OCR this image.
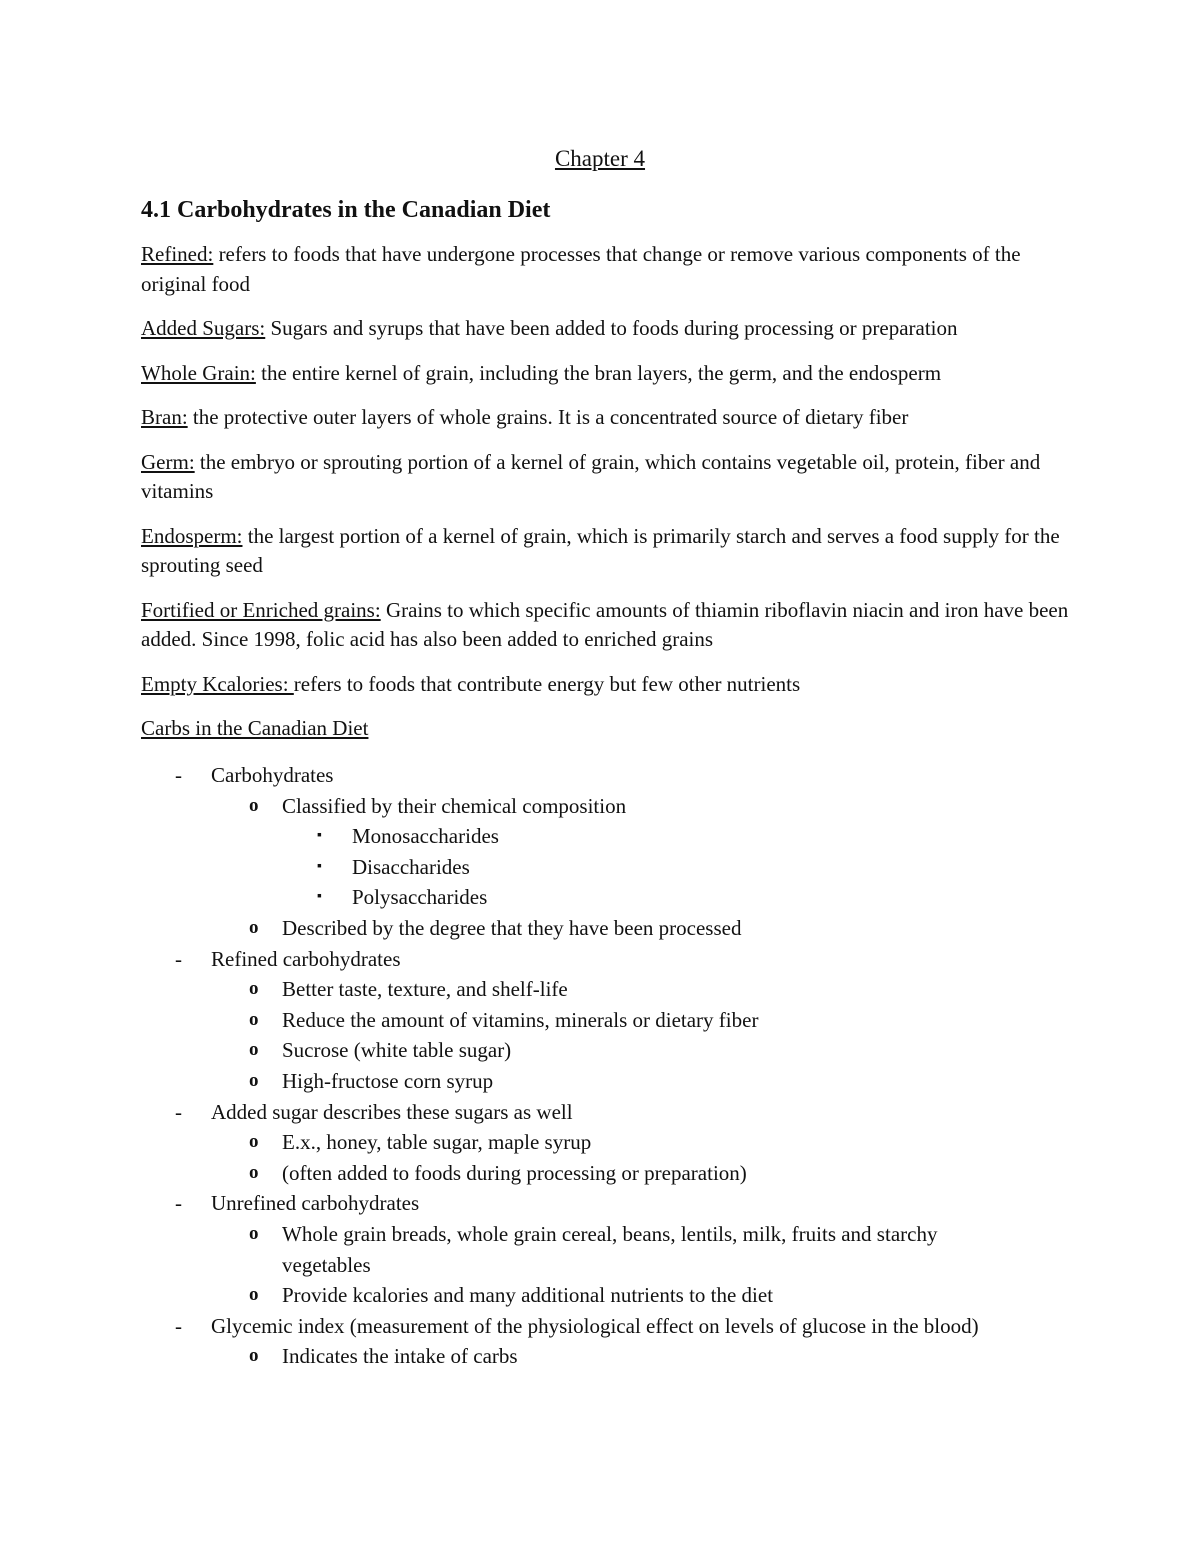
Chapter 4
4.1 Carbohydrates in the Canadian Diet

Refined: refers to foods that have undergone processes that change or remove various components of the original food

Added Sugars: Sugars and syrups that have been added to foods during processing or preparation

Whole Grain: the entire kernel of grain, including the bran layers, the germ, and the endosperm

Bran: the protective outer layers of whole grains. It is a concentrated source of dietary fiber

Germ: the embryo or sprouting portion of a kernel of grain, which contains vegetable oil, protein, fiber and vitamins

Endosperm: the largest portion of a kernel of grain, which is primarily starch and serves a food supply for the sprouting seed

Fortified or Enriched grains: Grains to which specific amounts of thiamin riboflavin niacin and iron have been added. Since 1998, folic acid has also been added to enriched grains

Empty Kcalories: refers to foods that contribute energy but few other nutrients

Carbs in the Canadian Diet
- Carbohydrates
o Classified by their chemical composition
▪ Monosaccharides
▪ Disaccharides
▪ Polysaccharides
o Described by the degree that they have been processed
- Refined carbohydrates
o Better taste, texture, and shelf-life
o Reduce the amount of vitamins, minerals or dietary fiber
o Sucrose (white table sugar)
o High-fructose corn syrup
- Added sugar describes these sugars as well
o E.x., honey, table sugar, maple syrup
o (often added to foods during processing or preparation)
- Unrefined carbohydrates
o Whole grain breads, whole grain cereal, beans, lentils, milk, fruits and starchy vegetables
o Provide kcalories and many additional nutrients to the diet
- Glycemic index (measurement of the physiological effect on levels of glucose in the blood)
o Indicates the intake of carbs
